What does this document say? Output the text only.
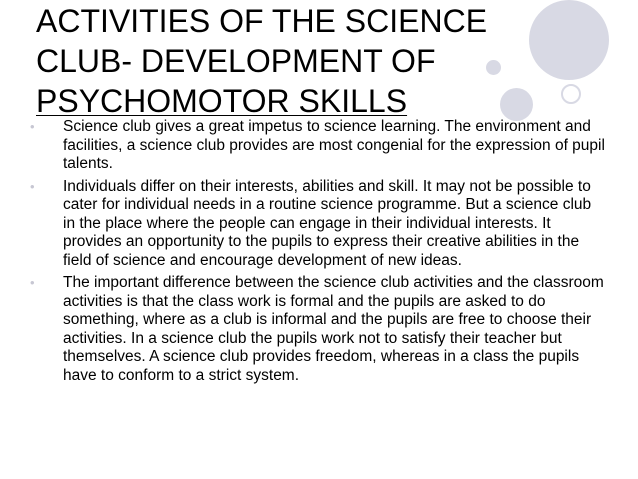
ACTIVITIES OF THE SCIENCE
CLUB- DEVELOPMENT OF
PSYCHOMOTOR SKILLS
• Science club gives a great impetus to science learning. The environment and facilities, a science club provides are most congenial for the expression of pupil talents.
• Individuals differ on their interests, abilities and skill. It may not be possible to cater for individual needs in a routine science programme. But a science club in the place where the people can engage in their individual interests. It provides an opportunity to the pupils to express their creative abilities in the field of science and encourage development of new ideas.
• The important difference between the science club activities and the classroom activities is that the class work is formal and the pupils are asked to do something, where as a club is informal and the pupils are free to choose their activities. In a science club the pupils work not to satisfy their teacher but themselves. A science club provides freedom, whereas in a class the pupils have to conform to a strict system.
